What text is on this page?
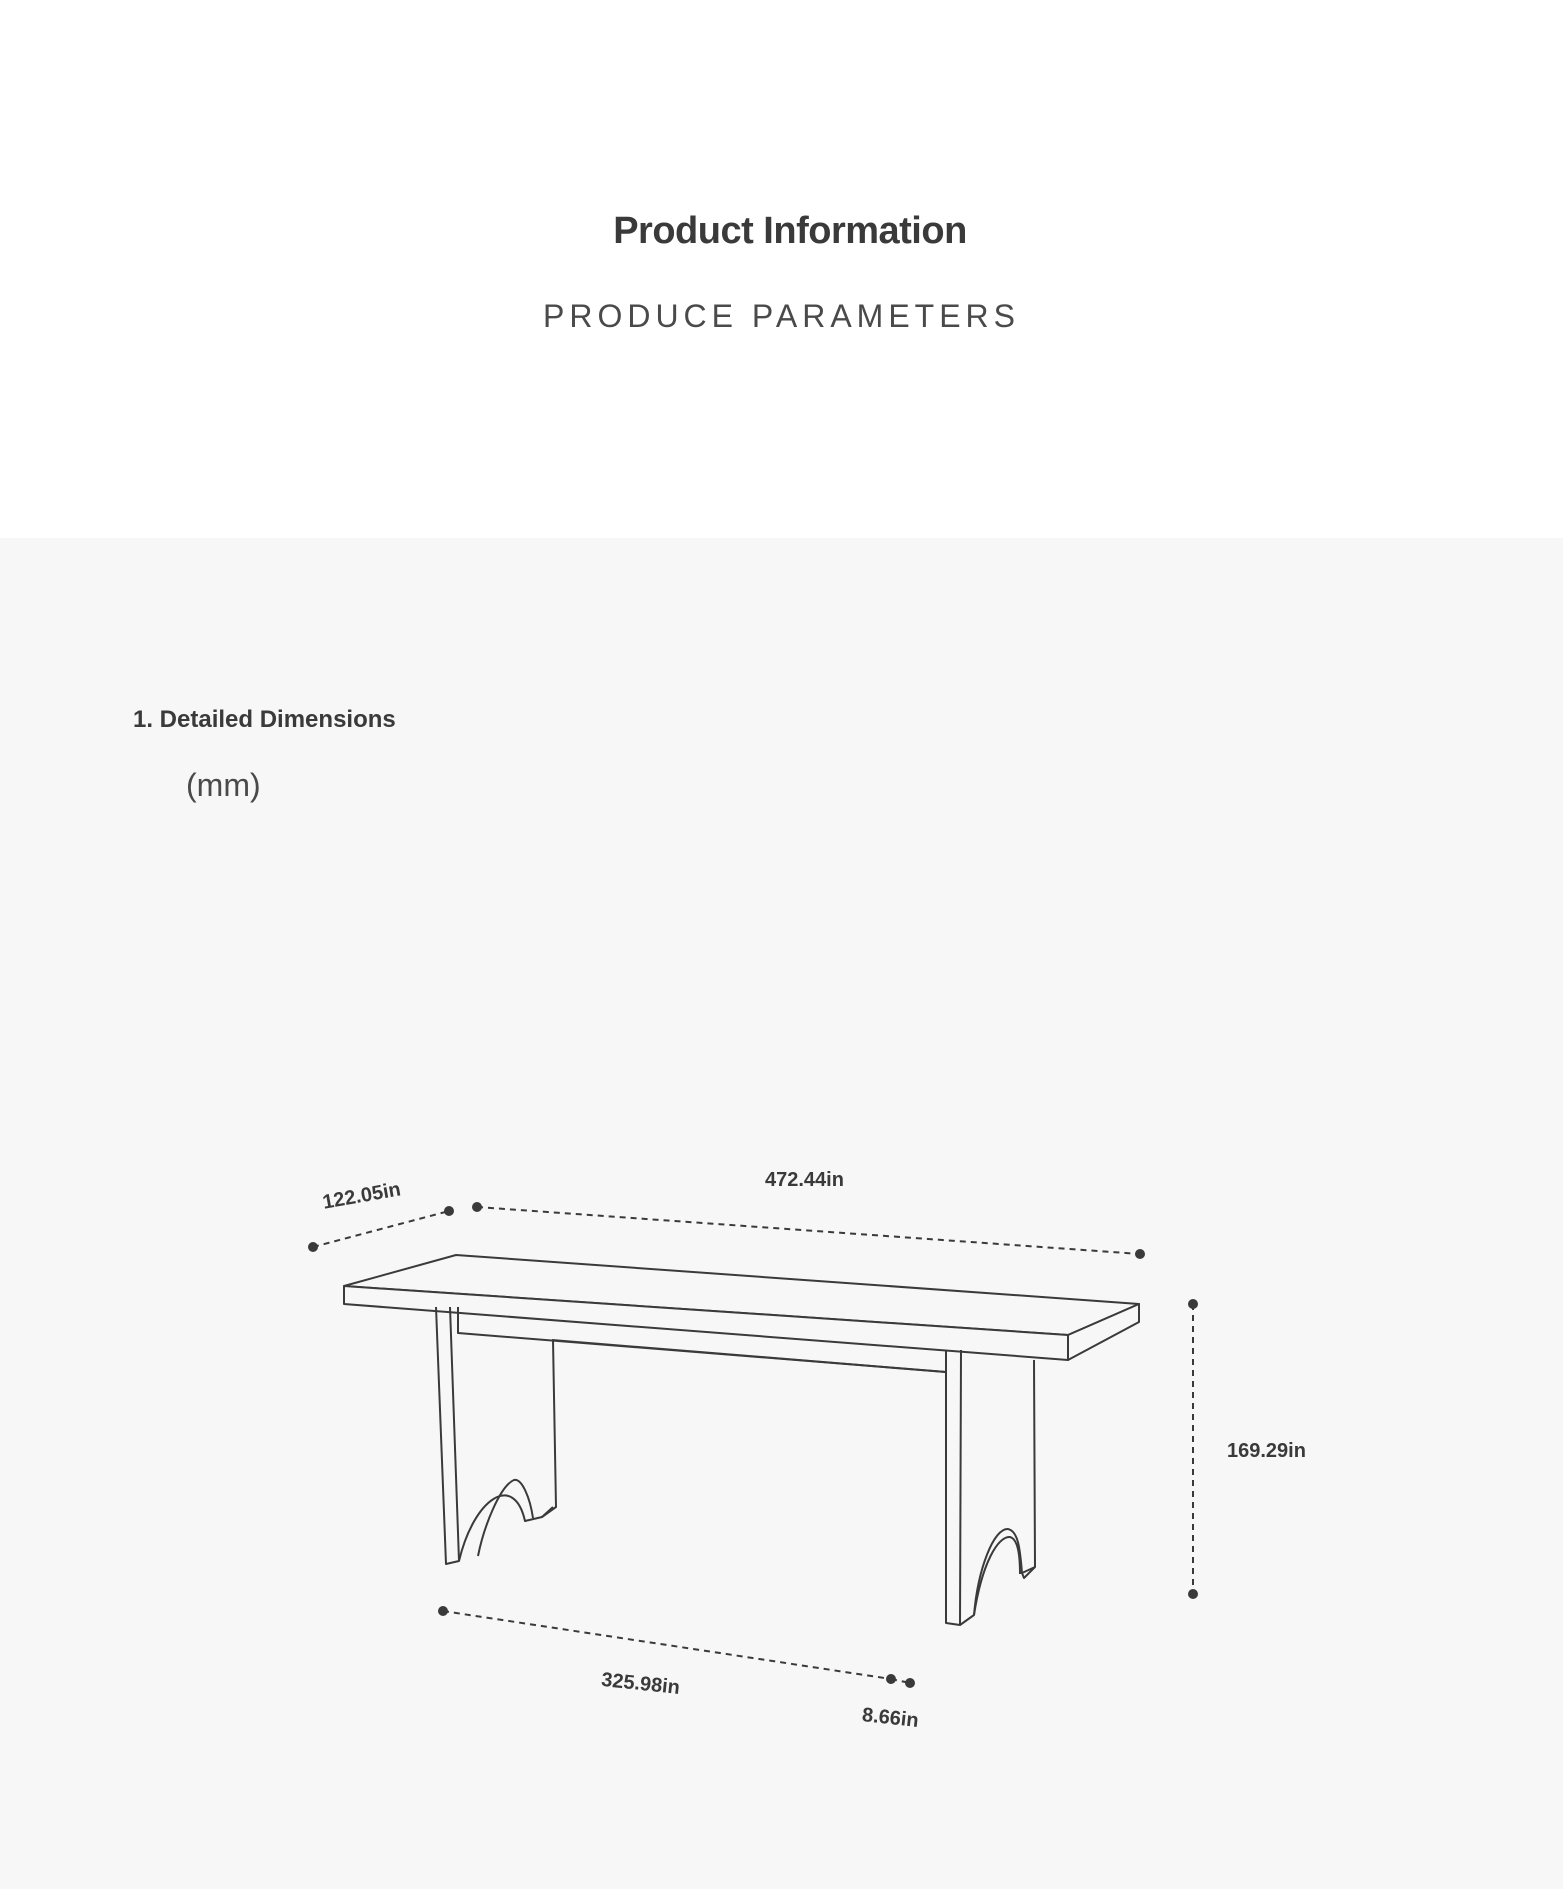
Product Information
PRODUCE PARAMETERS
1. Detailed Dimensions
(mm)
122.05in	472.44in
169.29in
325.98in
8.66in
